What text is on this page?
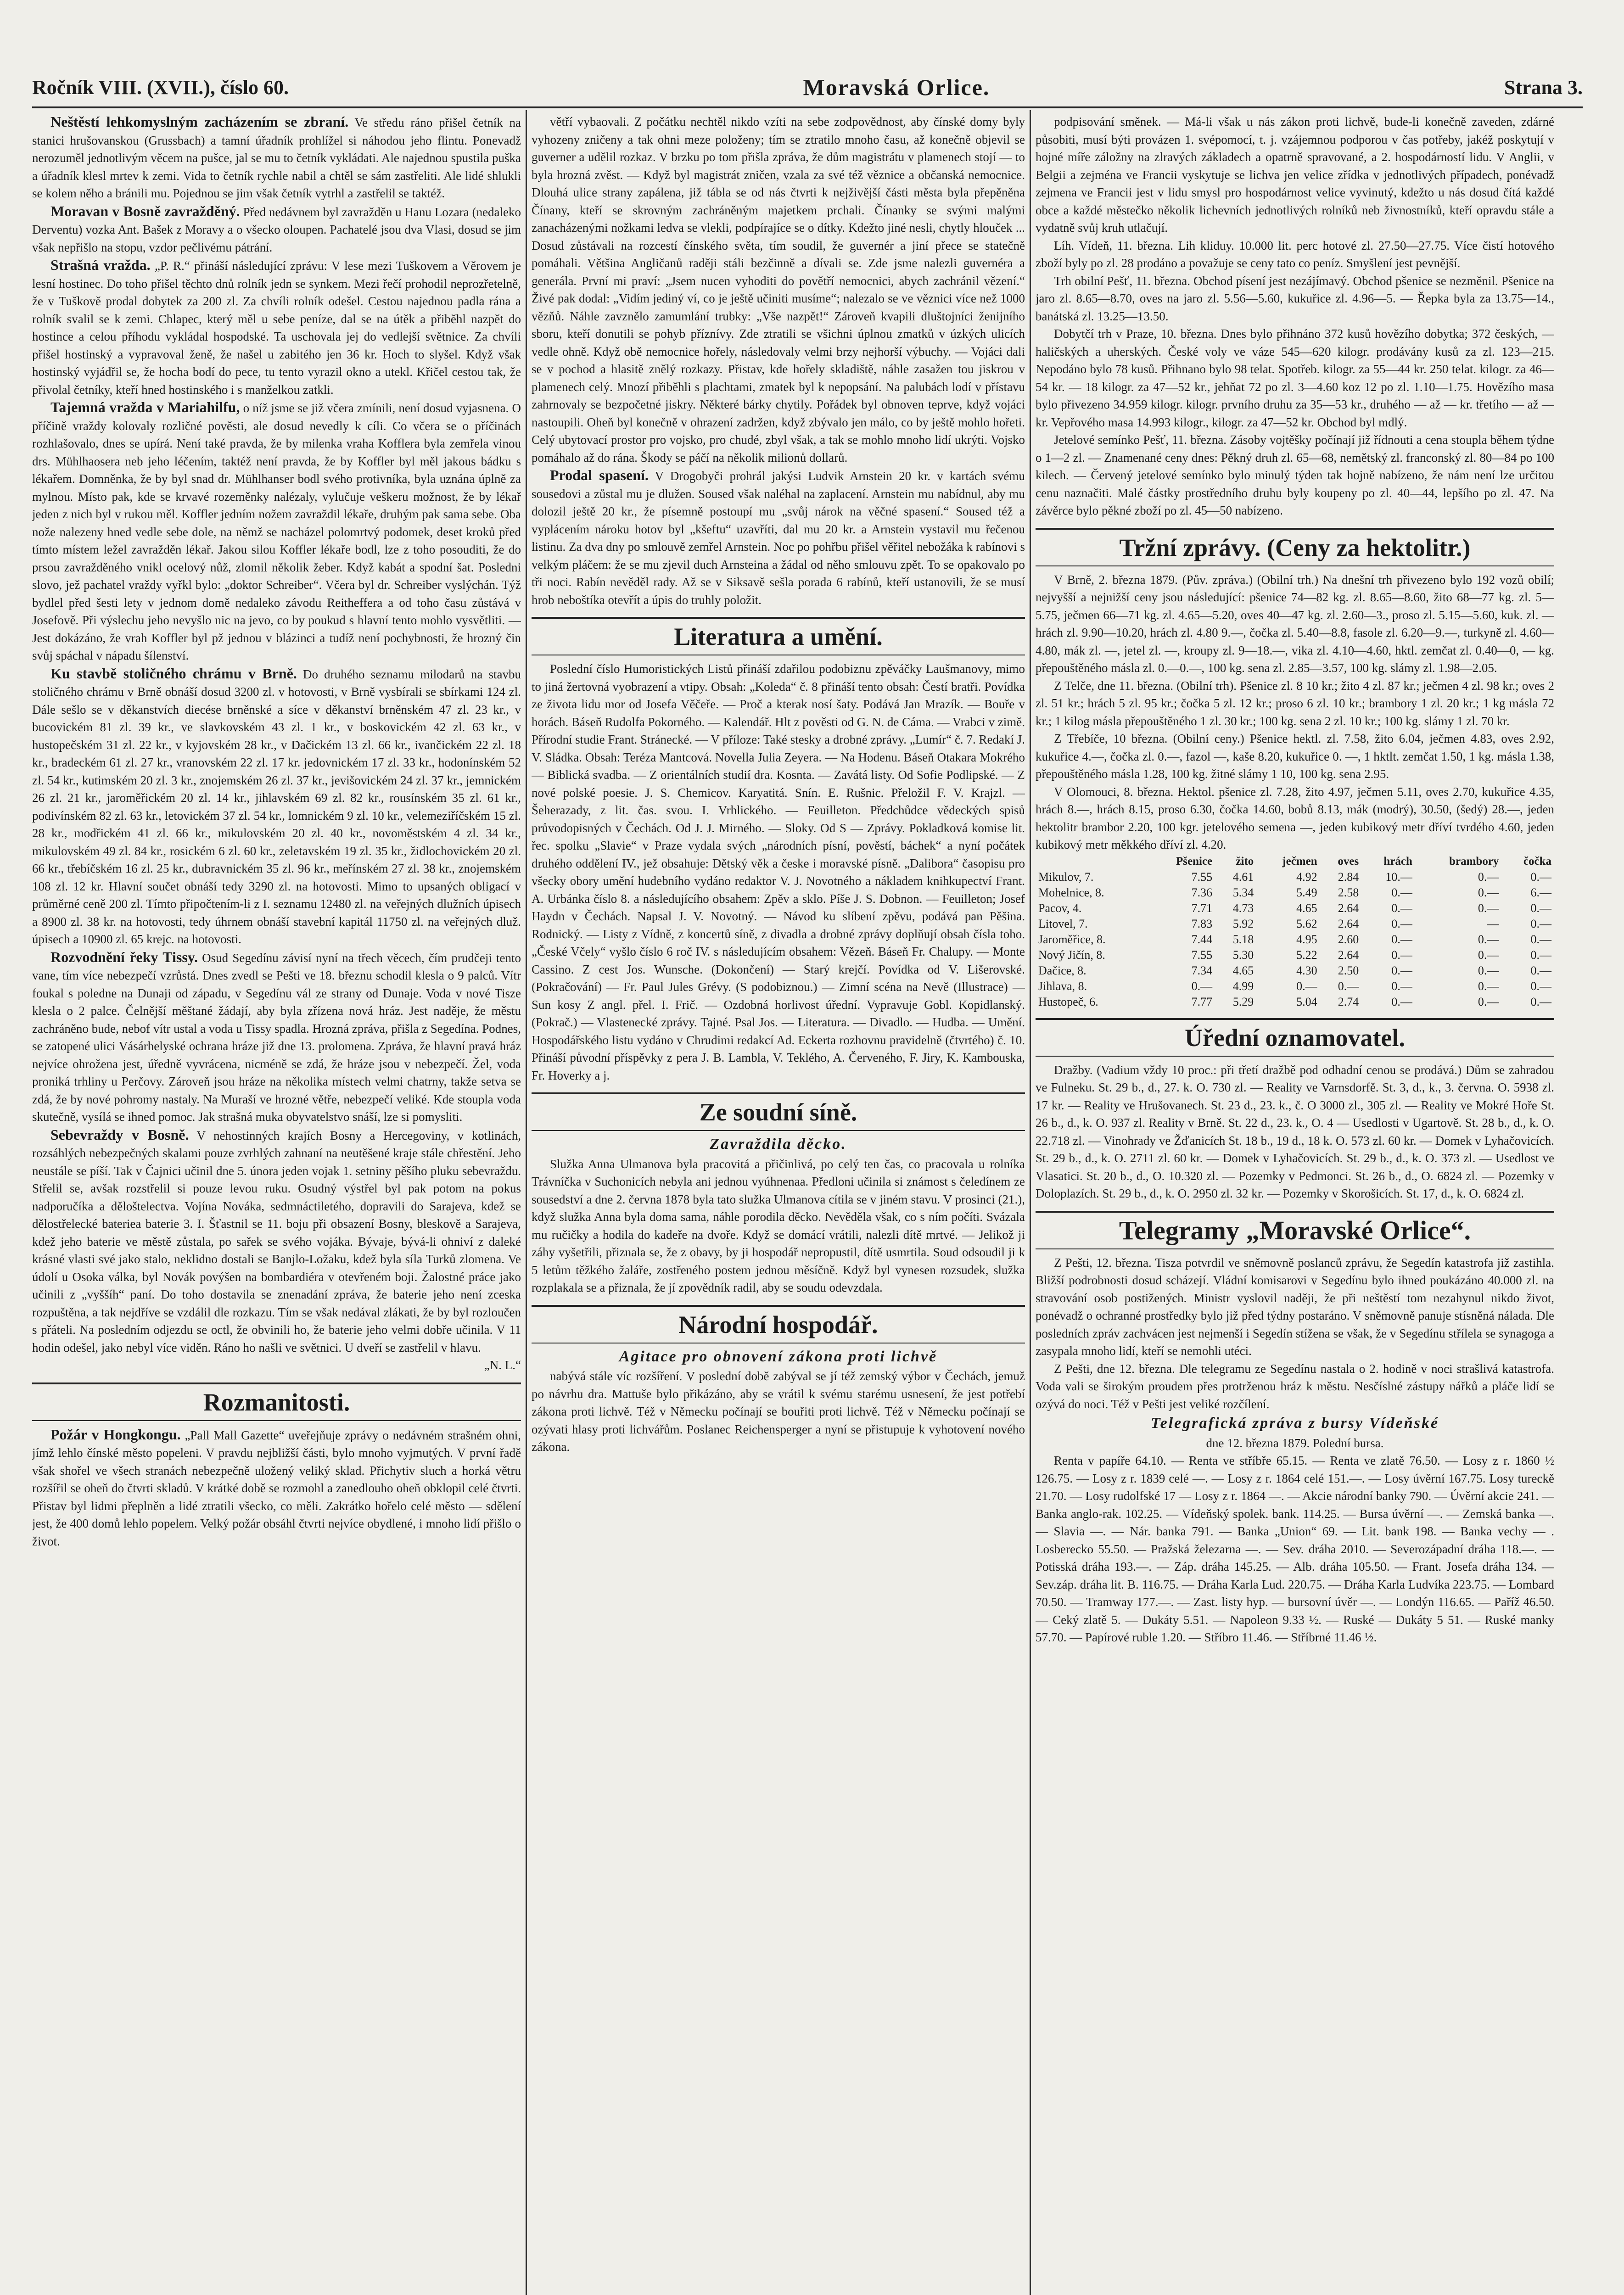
Ročník VIII. (XVII.), číslo 60.	Moravská Orlice.	Strana 3.

Neštěstí lehkomyslným zacházením se zbraní. Ve středu ráno přišel četník na stanici hrušovanskou (Grussbach) a tamní úřadník prohlížel si náhodou jeho flintu. Ponevadž nerozuměl jednotlivým věcem na pušce, jal se mu to četník vykládati. Ale najednou spustila puška a úřadník klesl mrtev k zemi. Vida to četník rychle nabil a chtěl se sám zastřeliti. Ale lidé shlukli se kolem něho a bránili mu. Pojednou se jim však četník vytrhl a zastřelil se taktéž.

Moravan v Bosně zavražděný. Před nedávnem byl zavražděn u Hanu Lozara (nedaleko Derventu) vozka Ant. Bašek z Moravy a o všecko oloupen. Pachatelé jsou dva Vlasi, dosud se jim však nepřišlo na stopu, vzdor pečlivému pátrání.

Strašná vražda. „P. R.“ přináší následující zprávu: V lese mezi Tuškovem a Věrovem je lesní hostinec. Do toho přišel těchto dnů rolník jedn se synkem. Mezi řečí prohodil neprozřetelně, že v Tuškově prodal dobytek za 200 zl. Za chvíli rolník odešel. Cestou najednou padla rána a rolník svalil se k zemi. Chlapec, který měl u sebe peníze, dal se na útěk a přiběhl nazpět do hostince a celou příhodu vykládal hospodské. Ta uschovala jej do vedlejší světnice. Za chvíli přišel hostinský a vypravoval ženě, že našel u zabitého jen 36 kr. Hoch to slyšel. Když však hostinský vyjádřil se, že hocha bodí do pece, tu tento vyrazil okno a utekl. Křičel cestou tak, že přivolal četníky, kteří hned hostinského i s manželkou zatkli.

Tajemná vražda v Mariahilfu, o níž jsme se již včera zmínili, není dosud vyjasnena. O příčině vraždy kolovaly rozličné pověsti, ale dosud nevedly k cíli. Co včera se o příčinách rozhlašovalo, dnes se upírá. Není také pravda, že by milenka vraha Kofflera byla zemřela vinou drs. Mühlhaosera neb jeho léčením, taktéž není pravda, že by Koffler byl měl jakous bádku s lékařem. Domněnka, že by byl snad dr. Mühlhanser bodl svého protivníka, byla uznána úplně za mylnou. Místo pak, kde se krvavé rozeměnky nalézaly, vylučuje veškeru možnost, že by lékař jeden z nich byl v rukou měl. Koffler jedním nožem zavraždil lékaře, druhým pak sama sebe. Oba nože nalezeny hned vedle sebe dole, na němž se nacházel polomrtvý podomek, deset kroků před tímto místem ležel zavražděn lékař. Jakou silou Koffler lékaře bodl, lze z toho posouditi, že do prsou zavražděného vnikl ocelový nůž, zlomil několik žeber. Když kabát a spodní šat. Posledni slovo, jež pachatel vraždy vyřkl bylo: „doktor Schreiber“. Včera byl dr. Schreiber vyslýchán. Týž bydlel před šesti lety v jednom domě nedaleko závodu Reitheffera a od toho času zůstává v Josefově. Při výslechu jeho nevyšlo nic na jevo, co by poukud s hlavní tento mohlo vysvětliti. — Jest dokázáno, že vrah Koffler byl pž jednou v blázinci a tudíž není pochybnosti, že hrozný čin svůj spáchal v nápadu šílenství.

Ku stavbě stoličného chrámu v Brně. Do druhého seznamu milodarů na stavbu stoličného chrámu v Brně obnáší dosud 3200 zl. v hotovosti, v Brně vysbírali se sbírkami 124 zl. Dále sešlo se v děkanstvích diecése brněnské a síce v děkanství brněnském 47 zl. 23 kr., v bucovickém 81 zl. 39 kr., ve slavkovském 43 zl. 1 kr., v boskovickém 42 zl. 63 kr., v hustopečském 31 zl. 22 kr., v kyjovském 28 kr., v Dačickém 13 zl. 66 kr., ivančickém 22 zl. 18 kr., bradeckém 61 zl. 27 kr., vranovském 22 zl. 17 kr. jedovnickém 17 zl. 33 kr., hodonínském 52 zl. 54 kr., kutimském 20 zl. 3 kr., znojemském 26 zl. 37 kr., jevišovickém 24 zl. 37 kr., jemnickém 26 zl. 21 kr., jaroměřickém 20 zl. 14 kr., jihlavském 69 zl. 82 kr., rousínském 35 zl. 61 kr., podivínském 82 zl. 63 kr., letovickém 37 zl. 54 kr., lomnickém 9 zl. 10 kr., velemeziříčském 15 zl. 28 kr., modřickém 41 zl. 66 kr., mikulovském 20 zl. 40 kr., novoměstském 4 zl. 34 kr., mikulovském 49 zl. 84 kr., rosickém 6 zl. 60 kr., zeletavském 19 zl. 35 kr., židlochovickém 20 zl. 66 kr., třebíčském 16 zl. 25 kr., dubravnickém 35 zl. 96 kr., meřínském 27 zl. 38 kr., znojemském 108 zl. 12 kr. Hlavní součet obnáší tedy 3290 zl. na hotovosti. Mimo to upsaných obligací v průměrné ceně 200 zl. Tímto připočtením-li z I. seznamu 12480 zl. na veřejných dlužních úpisech a 8900 zl. 38 kr. na hotovosti, tedy úhrnem obnáší stavební kapitál 11750 zl. na veřejných dluž. úpisech a 10900 zl. 65 krejc. na hotovosti.

Rozvodnění řeky Tissy. Osud Segedínu závisí nyní na třech věcech, čím prudčeji tento vane, tím více nebezpečí vzrůstá. Dnes zvedl se Pešti ve 18. březnu schodil klesla o 9 palců. Vítr foukal s poledne na Dunaji od západu, v Segedínu vál ze strany od Dunaje. Voda v nové Tisze klesla o 2 palce. Čelnější měštané žádají, aby byla zřízena nová hráz. Jest naděje, že městu zachráněno bude, nebof vítr ustal a voda u Tissy spadla. Hrozná zpráva, přišla z Segedína. Podnes, se zatopené ulici Vásárhelyské ochrana hráze již dne 13. prolomena. Zpráva, že hlavní pravá hráz nejvíce ohrožena jest, úředně vyvrácena, nicméně se zdá, že hráze jsou v nebezpečí. Žel, voda proniká trhliny u Perčovy. Zároveň jsou hráze na několika místech velmi chatrny, takže setva se zdá, že by nové pohromy nastaly. Na Muraší ve hrozné větře, nebezpečí veliké. Kde stoupla voda skutečně, vysílá se ihned pomoc. Jak strašná muka obyvatelstvo snáší, lze si pomysliti.

Sebevraždy v Bosně. V nehostinných krajích Bosny a Hercegoviny, v kotlinách, rozsáhlých nebezpečných skalami pouze zvrhlých zahnaní na neutěšené kraje stále chřestění. Jeho neustále se píší. Tak v Čajnici učinil dne 5. února jeden vojak 1. setniny pěšího pluku sebevraždu. Střelil se, avšak rozstřelil si pouze levou ruku. Osudný výstřel byl pak potom na pokus nadporučíka a děloštelectva. Vojína Nováka, sedmnáctiletého, dopravili do Sarajeva, kdež se dělostřelecké bateriea baterie 3. I. Šťastnil se 11. boju při obsazení Bosny, bleskově a Sarajeva, kdež jeho baterie ve městě zůstala, po sařek se svého vojáka. Bývaje, bývá-li ohniví z daleké krásné vlasti své jako stalo, neklidno dostali se Banjlo-Ložaku, kdež byla síla Turků zlomena. Ve údolí u Osoka válka, byl Novák povýšen na bombardiéra v otevřeném boji. Žalostné práce jako učinili z „vyššíh“ paní. Do toho dostavila se znenadání zpráva, že baterie jeho není zceska rozpuštěna, a tak nejdříve se vzdálil dle rozkazu. Tím se však nedával zlákati, že by byl rozloučen s přáteli. Na posledním odjezdu se octl, že obvinili ho, že baterie jeho velmi dobře učinila. V 11 hodin odešel, jako nebyl více viděn. Ráno ho našli ve světnici. U dveří se zastřelil v hlavu.

„N. L.“
Rozmanitosti.

Požár v Hongkongu. „Pall Mall Gazette“ uveřejňuje zprávy o nedávném strašném ohni, jímž lehlo čínské město popeleni. V pravdu nejbližší části, bylo mnoho vyjmutých. V první řadě však shořel ve všech stranách nebezpečně uložený veliký sklad. Přichytiv sluch a horká větru rozšířil se oheň do čtvrti skladů. V krátké době se rozmohl a zanedlouho oheň obklopil celé čtvrti. Přistav byl lidmi přeplněn a lidé ztratili všecko, co měli. Zakrátko hořelo celé město — sdělení jest, že 400 domů lehlo popelem. Velký požár obsáhl čtvrti nejvíce obydlené, i mnoho lidí přišlo o život.

větří vybaovali. Z počátku nechtěl nikdo vzíti na sebe zodpovědnost, aby čínské domy byly vyhozeny zničeny a tak ohni meze položeny; tím se ztratilo mnoho času, až konečně objevil se guverner a udělil rozkaz. V brzku po tom přišla zpráva, že dům magistrátu v plamenech stojí — to byla hrozná zvěst. — Když byl magistrát zničen, vzala za své též věznice a občanská nemocnice. Dlouhá ulice strany zapálena, již tábla se od nás čtvrti k nejživější části města byla přepěněna Čínany, kteří se skrovným zachráněným majetkem prchali. Čínanky se svými malými zanacházenými nožkami ledva se vlekli, podpírajíce se o dítky. Kdežto jiné nesli, chytly hlouček ... Dosud zůstávali na rozcestí čínského světa, tím soudil, že guvernér a jiní přece se statečně pomáhali. Většina Angličanů raději stáli bezčinně a dívali se. Zde jsme nalezli guvernéra a generála. První mi praví: „Jsem nucen vyhoditi do povětří nemocnici, abych zachránil vězení.“ Živé pak dodal: „Vidím jediný ví, co je ještě učiniti musíme“; nalezalo se ve věznici více než 1000 vězňů. Náhle zavznělo zamumlání trubky: „Vše nazpět!“ Zároveň kvapili dluštojníci ženijního sboru, kteří donutili se pohyb příznívy. Zde ztratili se všichni úplnou zmatků v úzkých ulicích vedle ohně. Když obě nemocnice hořely, následovaly velmi brzy nejhorší výbuchy. — Vojáci dali se v pochod a hlasitě znělý rozkazy. Přistav, kde hořely skladiště, náhle zasažen tou jiskrou v plamenech celý. Mnozí přiběhli s plachtami, zmatek byl k nepopsání. Na palubách lodí v přístavu zahrnovaly se bezpočetné jiskry. Některé bárky chytily. Pořádek byl obnoven teprve, když vojáci nastoupili. Oheň byl konečně v ohrazení zadržen, když zbývalo jen málo, co by ještě mohlo hořeti. Celý ubytovací prostor pro vojsko, pro chudé, zbyl však, a tak se mohlo mnoho lidí ukrýti. Vojsko pomáhalo až do rána. Škody se páčí na několik milionů dollarů.

Prodal spasení. V Drogobyči prohrál jakýsi Ludvik Arnstein 20 kr. v kartách svému sousedovi a zůstal mu je dlužen. Soused však naléhal na zaplacení. Arnstein mu nabídnul, aby mu dolozil ještě 20 kr., že písemně postoupí mu „svůj nárok na věčné spasení.“ Soused též a vyplácením nároku hotov byl „kšeftu“ uzavříti, dal mu 20 kr. a Arnstein vystavil mu řečenou listinu. Za dva dny po smlouvě zemřel Arnstein. Noc po pohřbu přišel věřitel nebožáka k rabínovi s velkým pláčem: že se mu zjevil duch Arnsteina a žádal od něho smlouvu zpět. To se opakovalo po tři noci. Rabín nevěděl rady. Až se v Siksavě sešla porada 6 rabínů, kteří ustanovili, že se musí hrob neboštíka otevřít a úpis do truhly položit.

Literatura a umění.

Poslední číslo Humoristických Listů přináší zdařilou podobiznu zpěváčky Laušmanovy, mimo to jiná žertovná vyobrazení a vtipy. Obsah: „Koleda“ č. 8 přináší tento obsah: Čestí bratři. Povídka ze života lidu mor od Josefa Věčeře. — Proč a kterak nosí šaty. Podává Jan Mrazík. — Bouře v horách. Báseň Rudolfa Pokorného. — Kalendář. Hlt z pověsti od G. N. de Cáma. — Vrabci v zimě. Přírodní studie Frant. Stránecké. — V příloze: Také stesky a drobné zprávy. „Lumír“ č. 7. Redakí J. V. Sládka. Obsah: Teréza Mantcová. Novella Julia Zeyera. — Na Hodenu. Báseň Otakara Mokrého — Biblická svadba. — Z orientálních studií dra. Kosnta. — Zavátá listy. Od Sofie Podlipské. — Z nové polské poesie. J. S. Chemicov. Karyatitá. Snín. E. Rušnic. Přeložil F. V. Krajzl. — Šeherazady, z lit. čas. svou. I. Vrhlického. — Feuilleton. Předchůdce vědeckých spisů průvodopisných v Čechách. Od J. J. Mirného. — Sloky. Od S — Zprávy. Pokladková komise lit. řec. spolku „Slavie“ v Praze vydala svých „národních písní, pověstí, báchek“ a nyní počátek druhého oddělení IV., jež obsahuje: Dětský věk a česke i moravské písně. „Dalibora“ časopisu pro všecky obory umění hudebního vydáno redaktor V. J. Novotného a nákladem knihkupectví Frant. A. Urbánka číslo 8. a následujícího obsahem: Zpěv a sklo. Píše J. S. Dobnon. — Feuilleton; Josef Haydn v Čechách. Napsal J. V. Novotný. — Návod ku slíbení zpěvu, podává pan Pěšina. Rodnický. — Listy z Vídně, z koncertů síně, z divadla a drobné zprávy doplňují obsah čísla toho. „České Včely“ vyšlo číslo 6 roč IV. s následujícím obsahem: Vězeň. Báseň Fr. Chalupy. — Monte Cassino. Z cest Jos. Wunsche. (Dokončení) — Starý krejčí. Povídka od V. Lišerovské. (Pokračování) — Fr. Paul Jules Grévy. (S podobiznou.) — Zimní scéna na Nevě (Illustrace) — Sun kosy Z angl. přel. I. Frič. — Ozdobná horlivost úřední. Vypravuje Gobl. Kopidlanský. (Pokrač.) — Vlastenecké zprávy. Tajné. Psal Jos. — Literatura. — Divadlo. — Hudba. — Umění. Hospodářského listu vydáno v Chrudimi redakcí Ad. Eckerta rozhovnu pravidelně (čtvrtého) č. 10. Přináší původní příspěvky z pera J. B. Lambla, V. Teklého, A. Červeného, F. Jiry, K. Kambouska, Fr. Hoverky a j.

Ze soudní síně.
Zavraždila děcko.

Služka Anna Ulmanova byla pracovitá a přičinlivá, po celý ten čas, co pracovala u rolníka Trávníčka v Suchonicích nebyla ani jednou vyúhnenaa. Předloni učinila si známost s čeledínem ze sousedství a dne 2. června 1878 byla tato služka Ulmanova cítila se v jiném stavu. V prosinci (21.), když služka Anna byla doma sama, náhle porodila děcko. Nevěděla však, co s ním počíti. Svázala mu ručičky a hodila do kadeře na dvoře. Když se domácí vrátili, nalezli dítě mrtvé. — Jelikož ji záhy vyšetřili, přiznala se, že z obavy, by ji hospodář nepropustil, dítě usmrtila. Soud odsoudil ji k 5 letům těžkého žaláře, zostřeného postem jednou měsíčně. Když byl vynesen rozsudek, služka rozplakala se a přiznala, že jí zpovědník radil, aby se soudu odevzdala.

Národní hospodář.
Agitace pro obnovení zákona proti lichvě

nabývá stále víc rozšíření. V poslední době zabýval se jí též zemský výbor v Čechách, jemuž po návrhu dra. Mattuše bylo přikázáno, aby se vrátil k svému starému usnesení, že jest potřebí zákona proti lichvě. Též v Německu počínají se bouřiti proti lichvě. Též v Německu počínají se ozývati hlasy proti lichvářům. Poslanec Reichensperger a nyní se přistupuje k vyhotovení nového zákona.

podpisování směnek. — Má-li však u nás zákon proti lichvě, bude-li konečně zaveden, zdárné působiti, musí býti provázen 1. svépomocí, t. j. vzájemnou podporou v čas potřeby, jakéž poskytují v hojné míře záložny na zlravých základech a opatrně spravované, a 2. hospodárností lidu. V Anglii, v Belgii a zejména ve Francii vyskytuje se lichva jen velice zřídka v jednotlivých případech, ponévadž zejmena ve Francii jest v lidu smysl pro hospodárnost velice vyvinutý, kdežto u nás dosud čítá každé obce a každé městečko několik lichevních jednotlivých rolníků neb živnostníků, kteří opravdu stále a vydatně svůj kruh utlačují.

Líh. Vídeň, 11. března. Lih kliduy. 10.000 lit. perc hotové zl. 27.50—27.75. Více čistí hotového zboží byly po zl. 28 prodáno a považuje se ceny tato co peníz. Smyšlení jest pevnější.

Trh obilní Pešť, 11. března. Obchod písení jest nezájímavý. Obchod pšenice se nezměnil. Pšenice na jaro zl. 8.65—8.70, oves na jaro zl. 5.56—5.60, kukuřice zl. 4.96—5. — Řepka byla za 13.75—14., banátská zl. 13.25—13.50.

Dobytčí trh v Praze, 10. března. Dnes bylo přihnáno 372 kusů hovězího dobytka; 372 českých, — haličských a uherských. České voly ve váze 545—620 kilogr. prodávány kusů za zl. 123—215. Nepodáno bylo 78 kusů. Přihnano bylo 98 telat. Spotřeb. kilogr. za 55—44 kr. 250 telat. kilogr. za 46—54 kr. — 18 kilogr. za 47—52 kr., jehňat 72 po zl. 3—4.60 koz 12 po zl. 1.10—1.75. Hovězího masa bylo přivezeno 34.959 kilogr. kilogr. prvního druhu za 35—53 kr., druhého — až — kr. třetího — až — kr. Vepřového masa 14.993 kilogr., kilogr. za 47—52 kr. Obchod byl mdlý.

Jetelové semínko Pešť, 11. března. Zásoby vojtěšky počínají již řídnouti a cena stoupla během týdne o 1—2 zl. — Znamenané ceny dnes: Pěkný druh zl. 65—68, nemětský zl. franconský zl. 80—84 po 100 kilech. — Červený jetelové semínko bylo minulý týden tak hojně nabízeno, že nám není lze určitou cenu naznačiti. Malé částky prostředního druhu byly koupeny po zl. 40—44, lepšího po zl. 47. Na závěrce bylo pěkné zboží po zl. 45—50 nabízeno.

Tržní zprávy. (Ceny za hektolitr.)

V Brně, 2. března 1879. (Pův. zpráva.) (Obilní trh.) Na dnešní trh přivezeno bylo 192 vozů obilí; nejvyšší a nejnižší ceny jsou následující: pšenice 74—82 kg. zl. 8.65—8.60, žito 68—77 kg. zl. 5—5.75, ječmen 66—71 kg. zl. 4.65—5.20, oves 40—47 kg. zl. 2.60—3., proso zl. 5.15—5.60, kuk. zl. — hrách zl. 9.90—10.20, hrách zl. 4.80 9.—, čočka zl. 5.40—8.8, fasole zl. 6.20—9.—, turkyně zl. 4.60—4.80, mák zl. —, jetel zl. —, kroupy zl. 9—18.—, vika zl. 4.10—4.60, hktl. zemčat zl. 0.40—0, — kg. přepouštěného másla zl. 0.—0.—, 100 kg. sena zl. 2.85—3.57, 100 kg. slámy zl. 1.98—2.05.

Z Telče, dne 11. března. (Obilní trh). Pšenice zl. 8 10 kr.; žito 4 zl. 87 kr.; ječmen 4 zl. 98 kr.; oves 2 zl. 51 kr.; hrách 5 zl. 95 kr.; čočka 5 zl. 12 kr.; proso 6 zl. 10 kr.; brambory 1 zl. 20 kr.; 1 kg másla 72 kr.; 1 kilog másla přepouštěného 1 zl. 30 kr.; 100 kg. sena 2 zl. 10 kr.; 100 kg. slámy 1 zl. 70 kr.

Z Třebíče, 10 března. (Obilní ceny.) Pšenice hektl. zl. 7.58, žito 6.04, ječmen 4.83, oves 2.92, kukuřice 4.—, čočka zl. 0.—, fazol —, kaše 8.20, kukuřice 0. —, 1 hktlt. zemčat 1.50, 1 kg. másla 1.38, přepouštěného másla 1.28, 100 kg. žitné slámy 1 10, 100 kg. sena 2.95.

V Olomouci, 8. března. Hektol. pšenice zl. 7.28, žito 4.97, ječmen 5.11, oves 2.70, kukuřice 4.35, hrách 8.—, hrách 8.15, proso 6.30, čočka 14.60, bobů 8.13, mák (modrý), 30.50, (šedý) 28.—, jeden hektolitr brambor 2.20, 100 kgr. jetelového semena —, jeden kubikový metr dříví tvrdého 4.60, jeden kubikový metr měkkého dříví zl. 4.20.

	Pšenice	žito	ječmen	oves	hrách	brambory	čočka
Mikulov, 7.	7.55	4.61	4.92	2.84	10.—	0.—	0.—
Mohelnice, 8.	7.36	5.34	5.49	2.58	0.—	0.—	6.—
Pacov, 4.	7.71	4.73	4.65	2.64	0.—	0.—	0.—
Litovel, 7.	7.83	5.92	5.62	2.64	0.—	—	0.—
Jaroměřice, 8.	7.44	5.18	4.95	2.60	0.—	0.—	0.—
Nový Jičín, 8.	7.55	5.30	5.22	2.64	0.—	0.—	0.—
Dačice, 8.	7.34	4.65	4.30	2.50	0.—	0.—	0.—
Jihlava, 8.	0.—	4.99	0.—	0.—	0.—	0.—	0.—
Hustopeč, 6.	7.77	5.29	5.04	2.74	0.—	0.—	0.—
Úřední oznamovatel.

Dražby. (Vadium vždy 10 proc.: při třetí dražbě pod odhadní cenou se prodává.) Dům se zahradou ve Fulneku. St. 29 b., d., 27. k. O. 730 zl. — Reality ve Varnsdorfě. St. 3, d., k., 3. června. O. 5938 zl. 17 kr. — Reality ve Hrušovanech. St. 23 d., 23. k., č. O 3000 zl., 305 zl. — Reality ve Mokré Hoře St. 26 b., d., k. O. 937 zl. Reality v Brně. St. 22 d., 23. k., O. 4 — Usedlosti v Ugartově. St. 28 b., d., k. O. 22.718 zl. — Vinohrady ve Žďanicích St. 18 b., 19 d., 18 k. O. 573 zl. 60 kr. — Domek v Lyhačovicích. St. 29 b., d., k. O. 2711 zl. 60 kr. — Domek v Lyhačovicích. St. 29 b., d., k. O. 373 zl. — Usedlost ve Vlasatici. St. 20 b., d., O. 10.320 zl. — Pozemky v Pedmonci. St. 26 b., d., O. 6824 zl. — Pozemky v Doloplazích. St. 29 b., d., k. O. 2950 zl. 32 kr. — Pozemky v Skorošicích. St. 17, d., k. O. 6824 zl.

Telegramy „Moravské Orlice“.

Z Pešti, 12. března. Tisza potvrdil ve sněmovně poslanců zprávu, že Segedín katastrofa již zastihla. Bližší podrobnosti dosud scházejí. Vládní komisarovi v Segedínu bylo ihned poukázáno 40.000 zl. na stravování osob postižených. Ministr vyslovil naději, že při neštěstí tom nezahynul nikdo život, ponévadž o ochranné prostředky bylo již před týdny postaráno. V sněmovně panuje stísněná nálada. Dle posledních zpráv zachvácen jest nejmenší i Segedín stížena se však, že v Segedínu střílela se synagoga a zasypala mnoho lidí, kteří se nemohli utéci.

Z Pešti, dne 12. března. Dle telegramu ze Segedínu nastala o 2. hodině v noci strašlivá katastrofa. Voda vali se širokým proudem přes protrženou hráz k městu. Nesčíslné zástupy nářků a pláče lidí se ozývá do noci. Též v Pešti jest veliké rozčílení.

Telegrafická zpráva z bursy Vídeňské
dne 12. března 1879. Polední bursa.

Renta v papíře 64.10. — Renta ve stříbře 65.15. — Renta ve zlatě 76.50. — Losy z r. 1860 ½ 126.75. — Losy z r. 1839 celé —. — Losy z r. 1864 celé 151.—. — Losy úvěrní 167.75. Losy tureckě 21.70. — Losy rudolfské 17 — Losy z r. 1864 —. — Akcie národní banky 790. — Úvěrní akcie 241. — Banka anglo-rak. 102.25. — Vídeňský spolek. bank. 114.25. — Bursa úvěrní —. — Zemská banka —. — Slavia —. — Nár. banka 791. — Banka „Union“ 69. — Lit. bank 198. — Banka vechy — . Losberecko 55.50. — Pražská železarna —. — Sev. dráha 2010. — Severozápadní dráha 118.—. — Potisská dráha 193.—. — Záp. dráha 145.25. — Alb. dráha 105.50. — Frant. Josefa dráha 134. — Sev.záp. dráha lit. B. 116.75. — Dráha Karla Lud. 220.75. — Dráha Karla Ludvíka 223.75. — Lombard 70.50. — Tramway 177.—. — Zast. listy hyp. — bursovní úvěr —. — Londýn 116.65. — Paříž 46.50. — Ceký zlatě 5. — Dukáty 5.51. — Napoleon 9.33 ½. — Ruské — Dukáty 5 51. — Ruské manky 57.70. — Papírové ruble 1.20. — Stříbro 11.46. — Stříbrné 11.46 ½.
